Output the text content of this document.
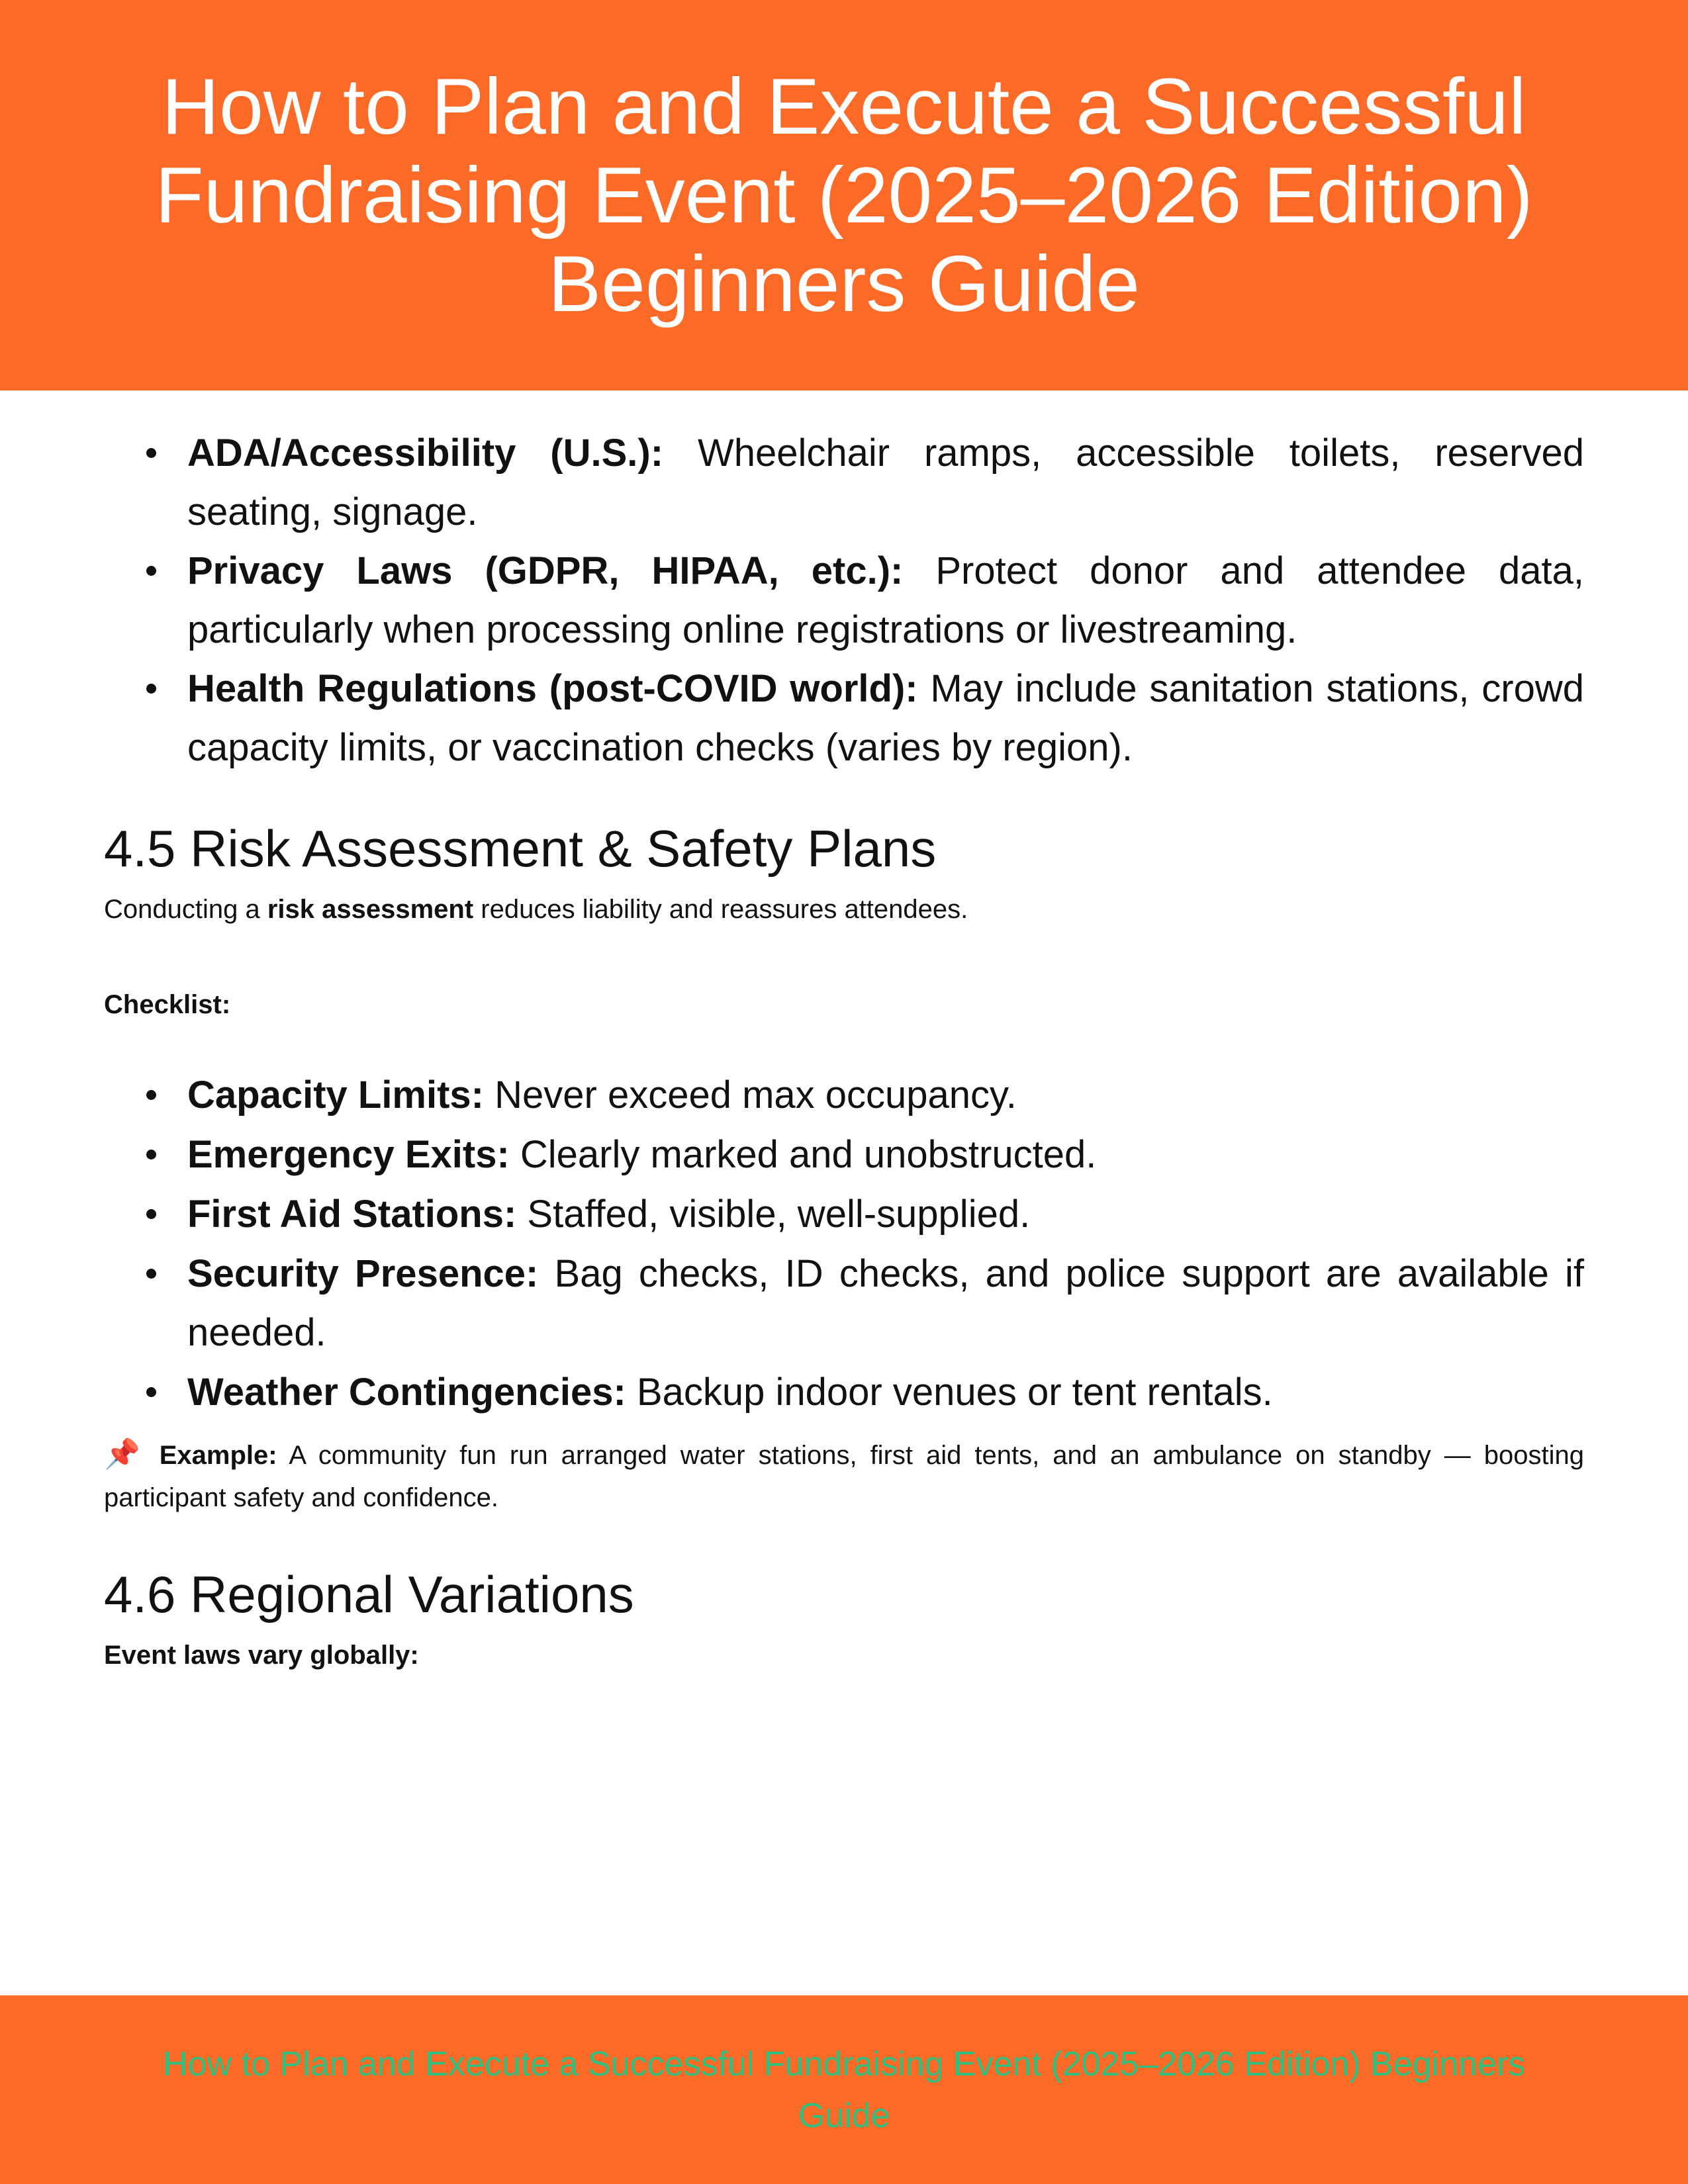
How to Plan and Execute a Successful Fundraising Event (2025–2026 Edition) Beginners Guide
ADA/Accessibility (U.S.): Wheelchair ramps, accessible toilets, reserved seating, signage.
Privacy Laws (GDPR, HIPAA, etc.): Protect donor and attendee data, particularly when processing online registrations or livestreaming.
Health Regulations (post-COVID world): May include sanitation stations, crowd capacity limits, or vaccination checks (varies by region).
4.5 Risk Assessment & Safety Plans

Conducting a risk assessment reduces liability and reassures attendees.

Checklist:

Capacity Limits: Never exceed max occupancy.
Emergency Exits: Clearly marked and unobstructed.
First Aid Stations: Staffed, visible, well-supplied.
Security Presence: Bag checks, ID checks, and police support are available if needed.
Weather Contingencies: Backup indoor venues or tent rentals.

📌 Example: A community fun run arranged water stations, first aid tents, and an ambulance on standby — boosting participant safety and confidence.

4.6 Regional Variations

Event laws vary globally:

How to Plan and Execute a Successful Fundraising Event (2025–2026 Edition) Beginners Guide
